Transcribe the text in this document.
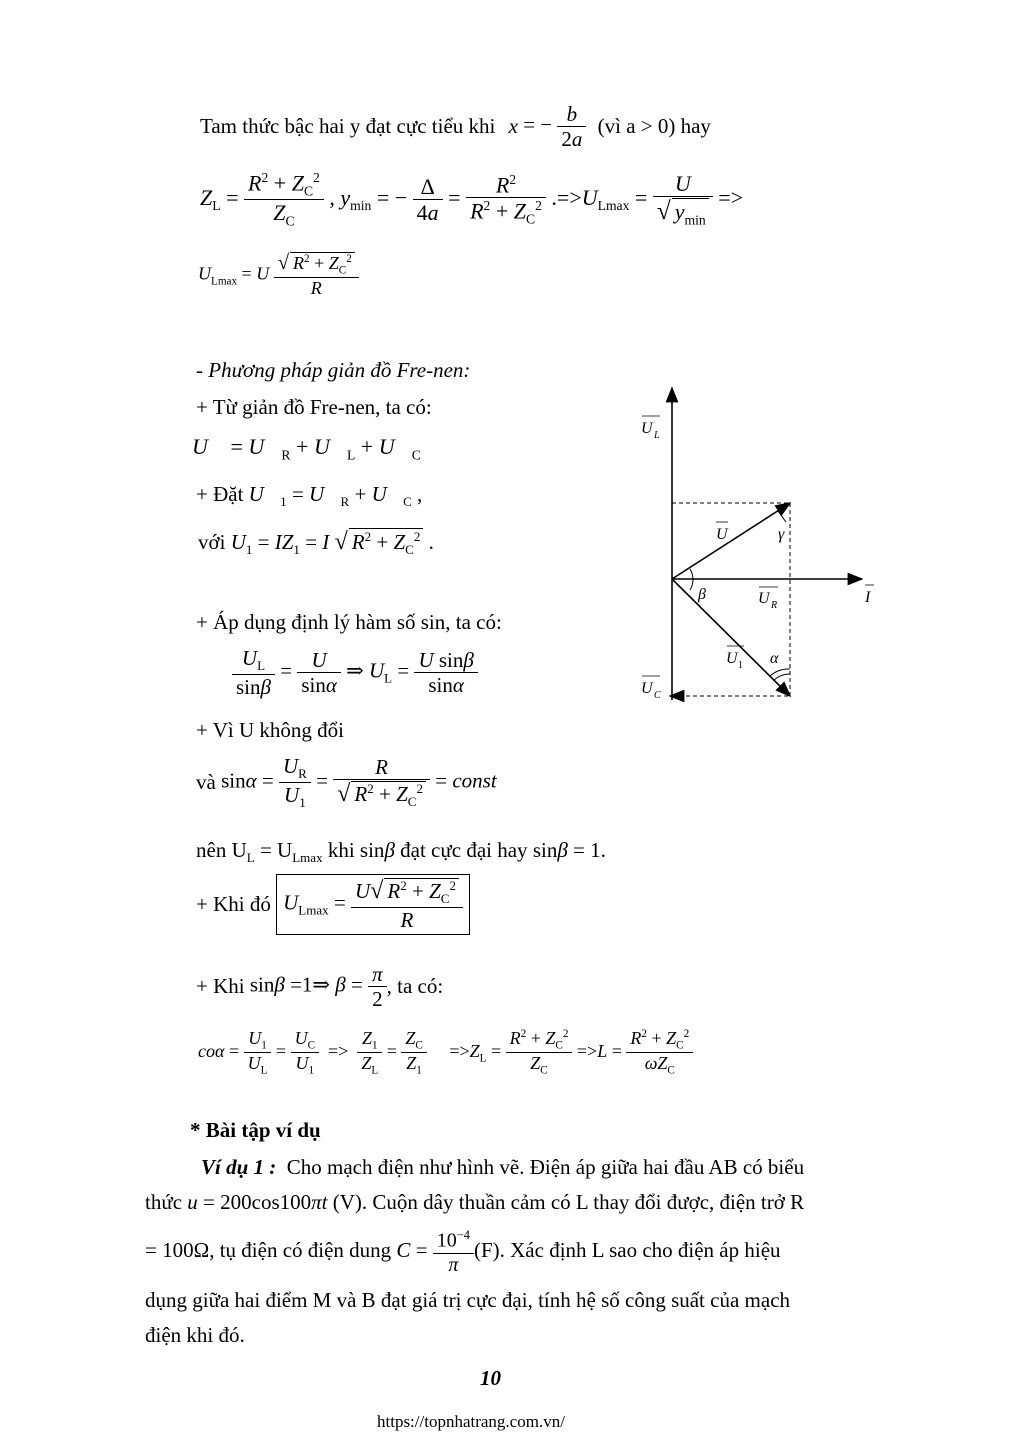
Tam thức bậc hai y đạt cực tiểu khi x = − $\frac{b}{2a}$ (vì a > 0) hay
$Z_L = \frac{R^2 + Z_C^2}{Z_C}$ , $y_{min}$ = − $\frac{\Delta}{4a} = \frac{R^2}{R^2 + Z_C^2} .=>U_{Lmax} = \frac{U}{√ y_{min}}$ =>
$U_{Lmax} = U \frac{√ R^2 + Z_C^2}{R}$
- Phương pháp giản đồ Fre-nen:
+ Từ giản đồ Fre-nen, ta có:
U⃗ = $U⃗_R$ + $U⃗_L$ + $U⃗_C$
+ Đặt $U⃗_1$ = $U⃗_R$ + $U⃗_C$ ,
với $U_1 = IZ_1 = I$ √ $R^2 + Z_C^2$ .
+ Áp dụng định lý hàm số sin, ta có:
$\frac{U_L}{\sin\beta} = \frac{U}{\sin\alpha}$ ⇒ $U_L = \frac{\text{U sinβ}}{\sin\alpha}$
+ Vì U không đổi
và $\sin\alpha = \frac{U_R}{U_1} = \frac{R}{√ R^2 + Z_C^2}$ = const
nên $U_L = U_{Lmax}$ khi sinβ đạt cực đại hay sinβ = 1.
+ Khi đó $U_{Lmax} = \frac{U√ R^2 + Z_C^2}{R}$
+ Khi sinβ =1⇒ $\beta = \frac{\pi}{2}$ , ta có:
$co\alpha = \frac{U_1}{U_L} = \frac{U_C}{U_1} => \frac{Z_1}{Z_L} = \frac{Z_C}{Z_1} =>Z_L = \frac{R^2 + Z_C^2}{Z_C} =>L = \frac{R^2 + Z_C^2}{\omega Z_C}$
U L
U	γ
β	U R	I
U 1 α
U C
* Bài tập ví dụ
Ví dụ 1 : Cho mạch điện như hình vẽ. Điện áp giữa hai đầu AB có biểu
thức u = 200cos100πt (V). Cuộn dây thuần cảm có L thay đổi được, điện trở R
= 100Ω, tụ điện có điện dung $C = \frac{10^{-4}}{\pi} (F)$. Xác định L sao cho điện áp hiệu
dụng giữa hai điểm M và B đạt giá trị cực đại, tính hệ số công suất của mạch
điện khi đó.
10
https://topnhatrang.com.vn/
